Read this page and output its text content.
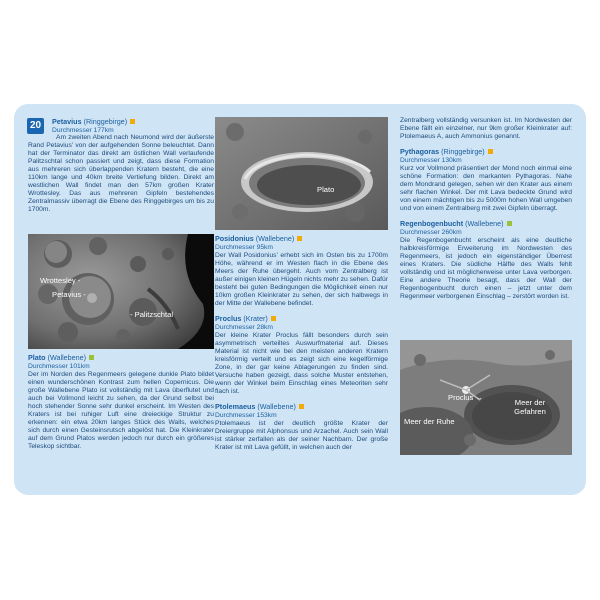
20	Petavius (Ringgebirge)

Durchmesser 177km

Am zweiten Abend nach Neumond wird der äußerste Rand Petavius’ von der aufgehenden Sonne beleuchtet. Dann hat der Terminator das direkt am östlichen Wall verlaufende Palitzschtal schon passiert und zeigt, dass diese Formation aus mehreren sich überlappenden Kratern besteht, die eine 110km lange und 40km breite Vertiefung bilden. Direkt am westlichen Wall findet man den 57km großen Krater Wrottesley. Das aus mehreren Gipfeln bestehendes Zentralmassiv überragt die Ebene des Ringgebirges um bis zu 1700m.

Wrottesley -
Petavius -
- Palitzschtal

Plato (Wallebene)

Durchmesser 101km

Der im Norden des Regenmeers gelegene dunkle Plato bildet einen wunderschönen Kontrast zum hellen Copernicus. Die große Wallebene Plato ist vollständig mit Lava überflutet und auch bei Vollmond leicht zu sehen, da der Grund selbst bei hoch stehender Sonne sehr dunkel erscheint. Im Westen des Kraters ist bei ruhiger Luft eine dreieckige Struktur zu erkennen: ein etwa 20km langes Stück des Walls, welches sich durch einen Gesteinsrutsch abgelöst hat. Die Kleinkrater auf dem Grund Platos werden jedoch nur durch ein größeres Teleskop sichtbar.

Plato

Posidonius (Wallebene)

Durchmesser 95km

Der Wall Posidonius’ erhebt sich im Osten bis zu 1700m Höhe, während er im Westen flach in die Ebene des Meers der Ruhe übergeht. Auch vom Zentralberg ist außer einigen kleinen Hügeln nichts mehr zu sehen. Dafür besteht bei guten Bedingungen die Möglichkeit einen nur 10km großen Kleinkrater zu sehen, der sich halbwegs in der Mitte der Wallebene befindet.

Proclus (Krater)

Durchmesser 28km

Der kleine Krater Proclus fällt besonders durch sein asymmetrisch verteiltes Auswurfmaterial auf. Dieses Material ist nicht wie bei den meisten anderen Kratern kreisförmig verteilt und es zeigt sich eine kegelförmige Zone, in der gar keine Ablagerungen zu finden sind. Versuche haben gezeigt, dass solche Muster entstehen, wenn der Winkel beim Einschlag eines Meteoriten sehr flach ist.

Ptolemaeus (Wallebene)

Durchmesser 153km

Ptolemaeus ist der deutlich größte Krater der Dreiergruppe mit Alphonsus und Arzachel. Auch sein Wall ist stärker zerfallen als der seiner Nachbarn. Der große Krater ist mit Lava gefüllt, in welchen auch der

Zentralberg vollständig versunken ist. Im Nordwesten der Ebene fällt ein einzelner, nur 9km großer Kleinkrater auf: Ptolemaeus A, auch Ammonius genannt.

Pythagoras (Ringgebirge)

Durchmesser 130km

Kurz vor Vollmond präsentiert der Mond noch einmal eine schöne Formation: den markanten Pythagoras. Nahe dem Mondrand gelegen, sehen wir den Krater aus einem sehr flachen Winkel. Der mit Lava bedeckte Grund wird von einem mächtigen bis zu 5000m hohen Wall umgeben und von einem Zentralberg mit zwei Gipfeln überragt.

Regenbogenbucht (Wallebene)

Durchmesser 260km

Die Regenbogenbucht erscheint als eine deutliche halbkreisförmige Erweiterung im Nordwesten des Regenmeers, ist jedoch ein eigenständiger Überrest eines Kraters. Die südliche Hälfte des Walls fehlt vollständig und ist möglicherweise unter Lava verborgen. Eine andere Theorie besagt, dass der Wall der Regenbogenbucht durch einen – jetzt unter dem Regenmeer verborgenen Einschlag – zerstört worden ist.

Proclus →
Meer der Gefahren
Meer der Ruhe
